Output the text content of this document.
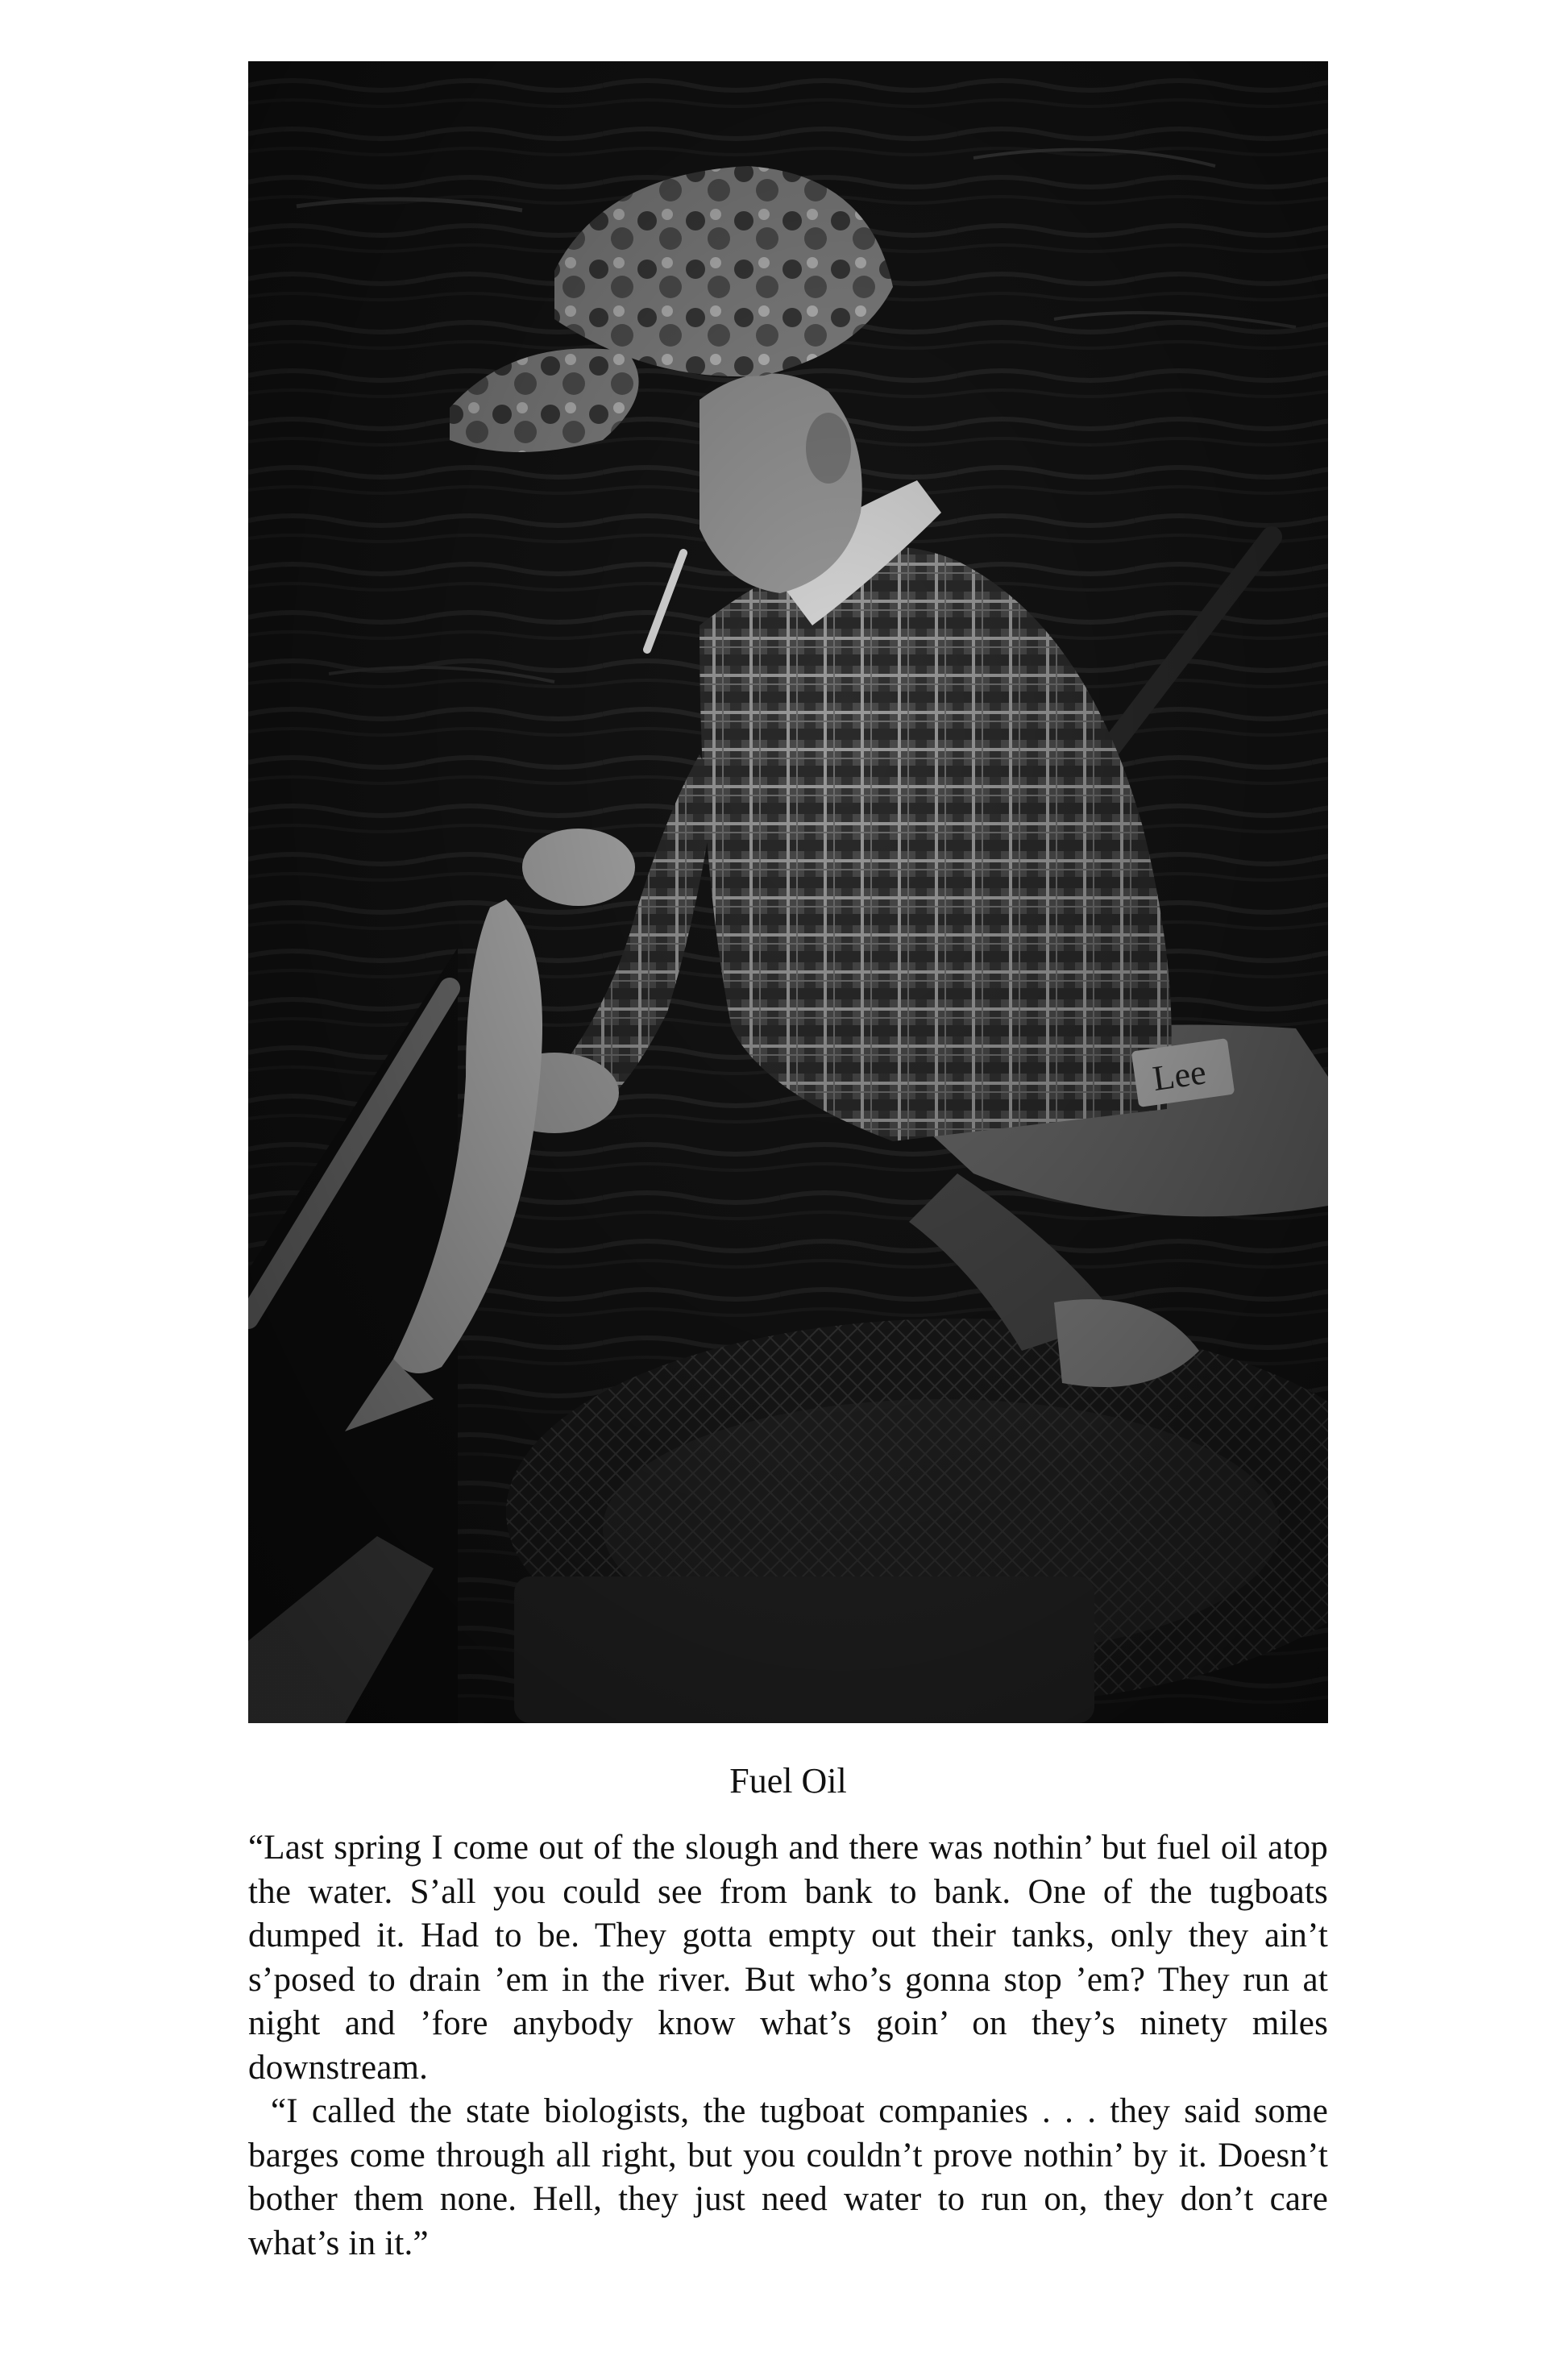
Fuel Oil

“Last spring I come out of the slough and there was nothin’ but fuel oil atop the water. S’all you could see from bank to bank. One of the tugboats dumped it. Had to be. They gotta empty out their tanks, only they ain’t s’posed to drain ’em in the river. But who’s gonna stop ’em? They run at night and ’fore anybody know what’s goin’ on they’s ninety miles downstream.

“I called the state biologists, the tugboat companies . . . they said some barges come through all right, but you couldn’t prove nothin’ by it. Doesn’t bother them none. Hell, they just need water to run on, they don’t care what’s in it.”
